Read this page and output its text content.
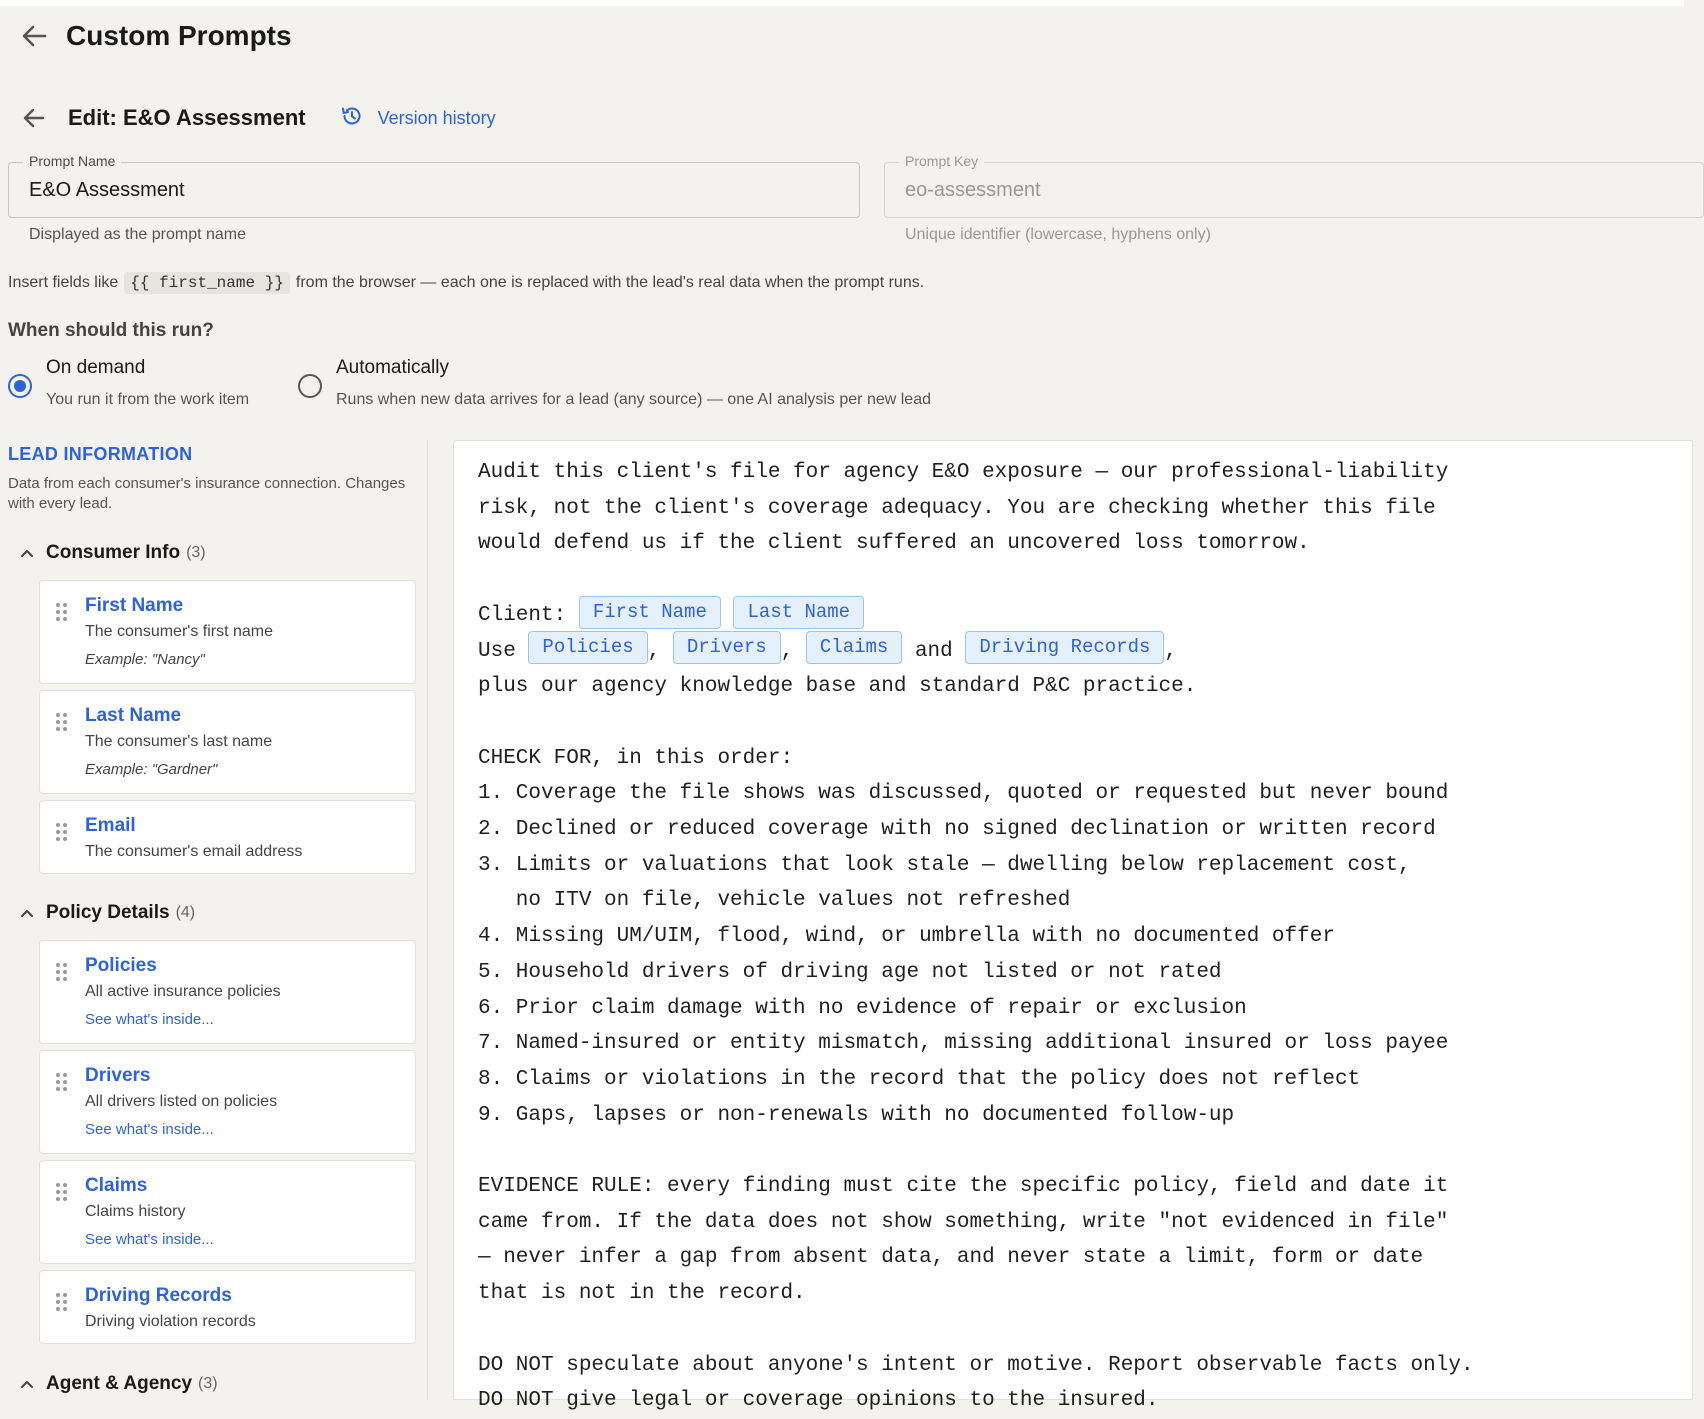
Custom Prompts
Edit: E&O Assessment	Version history
Prompt Name
E&O Assessment
Displayed as the prompt name
Prompt Key
eo-assessment
Unique identifier (lowercase, hyphens only)
Insert fields like {{ first_name }} from the browser — each one is replaced with the lead's real data when the prompt runs.
When should this run?
On demand
You run it from the work item
Automatically
Runs when new data arrives for a lead (any source) — one AI analysis per new lead
LEAD INFORMATION
Data from each consumer's insurance connection. Changes with every lead.
Consumer Info (3)
First Name
The consumer's first name
Example: "Nancy"
Last Name
The consumer's last name
Example: "Gardner"
Email
The consumer's email address
Policy Details (4)
Policies
All active insurance policies
See what's inside...
Drivers
All drivers listed on policies
See what's inside...
Claims
Claims history
See what's inside...
Driving Records
Driving violation records
Agent & Agency (3)
Audit this client's file for agency E&O exposure — our professional-liability
risk, not the client's coverage adequacy. You are checking whether this file
would defend us if the client suffered an uncovered loss tomorrow.

Client: First Name Last Name
Use Policies , Drivers , Claims and Driving Records ,
plus our agency knowledge base and standard P&C practice.

CHECK FOR, in this order:
1. Coverage the file shows was discussed, quoted or requested but never bound
2. Declined or reduced coverage with no signed declination or written record
3. Limits or valuations that look stale — dwelling below replacement cost,
no ITV on file, vehicle values not refreshed
4. Missing UM/UIM, flood, wind, or umbrella with no documented offer
5. Household drivers of driving age not listed or not rated
6. Prior claim damage with no evidence of repair or exclusion
7. Named-insured or entity mismatch, missing additional insured or loss payee
8. Claims or violations in the record that the policy does not reflect
9. Gaps, lapses or non-renewals with no documented follow-up

EVIDENCE RULE: every finding must cite the specific policy, field and date it
came from. If the data does not show something, write "not evidenced in file"
— never infer a gap from absent data, and never state a limit, form or date
that is not in the record.

DO NOT speculate about anyone's intent or motive. Report observable facts only.
DO NOT give legal or coverage opinions to the insured.
